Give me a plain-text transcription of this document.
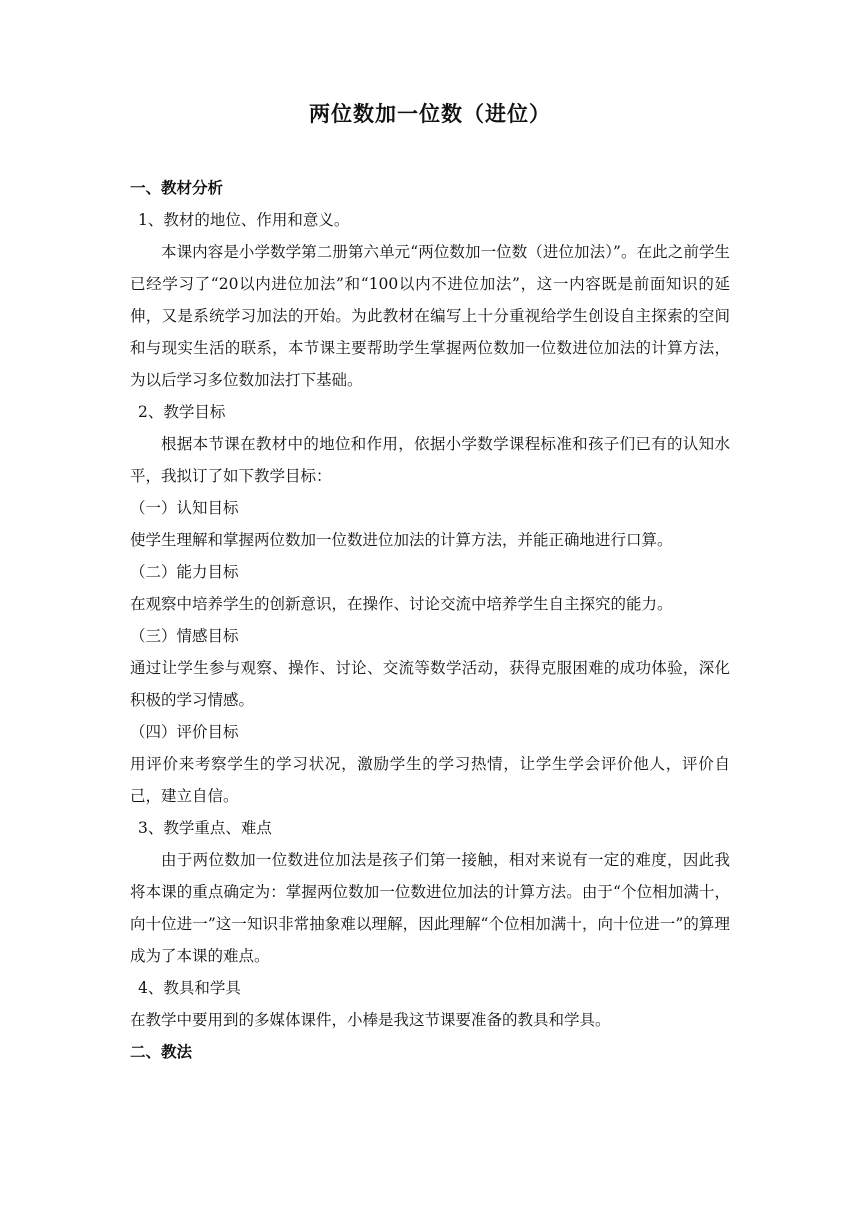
两位数加一位数（进位）
一、教材分析
1、教材的地位、作用和意义。

本课内容是小学数学第二册第六单元“两位数加一位数（进位加法）”。在此之前学生已经学习了“20以内进位加法”和“100以内不进位加法”，这一内容既是前面知识的延伸，又是系统学习加法的开始。为此教材在编写上十分重视给学生创设自主探索的空间和与现实生活的联系，本节课主要帮助学生掌握两位数加一位数进位加法的计算方法，为以后学习多位数加法打下基础。

2、教学目标

根据本节课在教材中的地位和作用，依据小学数学课程标准和孩子们已有的认知水平，我拟订了如下教学目标：

（一）认知目标

使学生理解和掌握两位数加一位数进位加法的计算方法，并能正确地进行口算。

（二）能力目标

在观察中培养学生的创新意识，在操作、讨论交流中培养学生自主探究的能力。

（三）情感目标

通过让学生参与观察、操作、讨论、交流等数学活动，获得克服困难的成功体验，深化积极的学习情感。

（四）评价目标

用评价来考察学生的学习状况，激励学生的学习热情，让学生学会评价他人，评价自己，建立自信。

3、教学重点、难点

由于两位数加一位数进位加法是孩子们第一接触，相对来说有一定的难度，因此我将本课的重点确定为：掌握两位数加一位数进位加法的计算方法。由于“个位相加满十，向十位进一”这一知识非常抽象难以理解，因此理解“个位相加满十，向十位进一”的算理成为了本课的难点。

4、教具和学具

在教学中要用到的多媒体课件，小棒是我这节课要准备的教具和学具。

二、教法
